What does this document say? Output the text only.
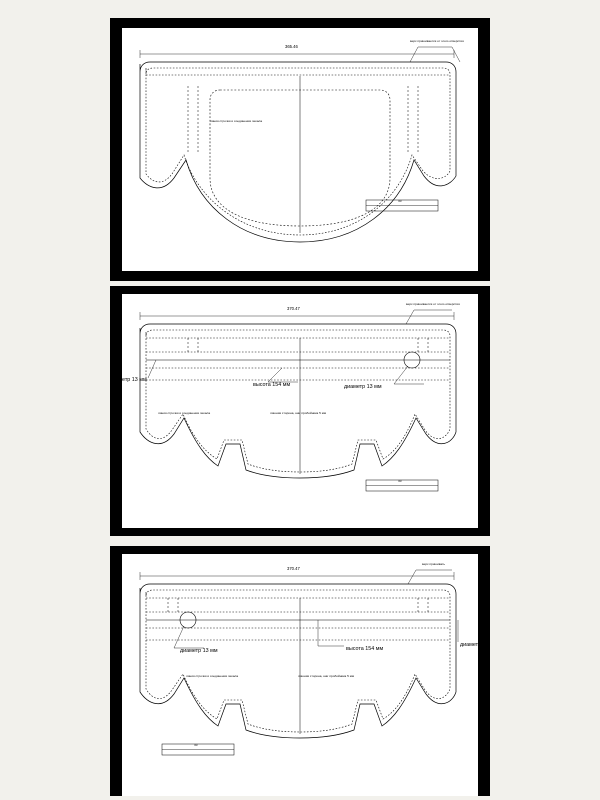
365.46
верх пришивается от этого отверстия
линия строчки и соединения лекала
30
370.47
верх пришивается от этого отверстия
высота 154 мм	диаметр 13 мм
етр 13 мм
линия строчки и соединения лекала	лишняя сторона, шаг пробойника 5 мм
30
370.47
верх пришивать
высота 154 мм
диаметр 13 мм
диаметр
линия строчки и соединения лекала	лишняя сторона, шаг пробойника 5 мм
30
